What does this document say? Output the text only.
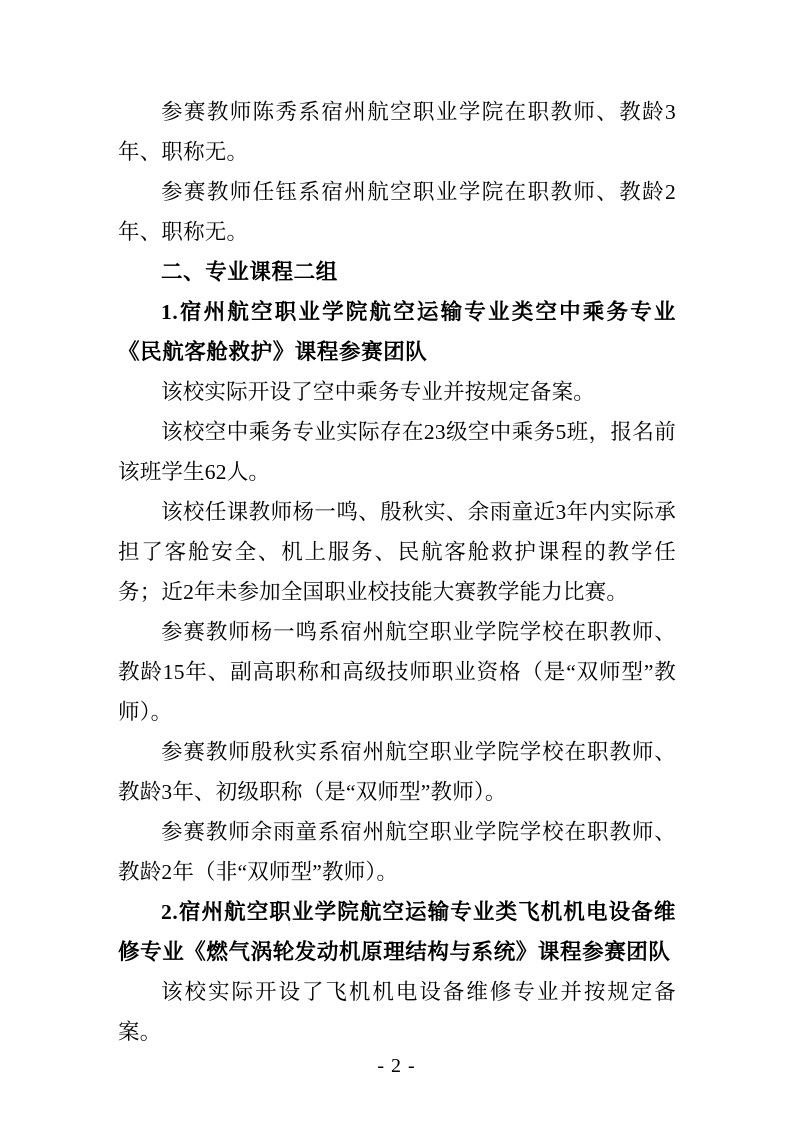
参赛教师陈秀系宿州航空职业学院在职教师、教龄3年、职称无。

参赛教师任钰系宿州航空职业学院在职教师、教龄2年、职称无。

二、专业课程二组

1.宿州航空职业学院航空运输专业类空中乘务专业《民航客舱救护》课程参赛团队

该校实际开设了空中乘务专业并按规定备案。

该校空中乘务专业实际存在23级空中乘务5班，报名前该班学生62人。

该校任课教师杨一鸣、殷秋实、余雨童近3年内实际承担了客舱安全、机上服务、民航客舱救护课程的教学任务；近2年未参加全国职业校技能大赛教学能力比赛。

参赛教师杨一鸣系宿州航空职业学院学校在职教师、教龄15年、副高职称和高级技师职业资格（是“双师型”教师）。

参赛教师殷秋实系宿州航空职业学院学校在职教师、教龄3年、初级职称（是“双师型”教师）。

参赛教师余雨童系宿州航空职业学院学校在职教师、教龄2年（非“双师型”教师）。

2.宿州航空职业学院航空运输专业类飞机机电设备维修专业《燃气涡轮发动机原理结构与系统》课程参赛团队

该校实际开设了飞机机电设备维修专业并按规定备案。

- 2 -
